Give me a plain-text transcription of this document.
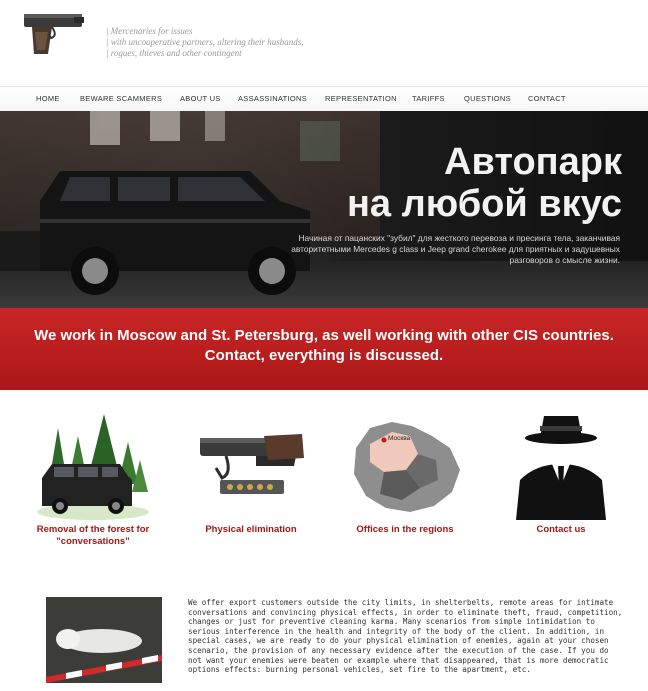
| Mercenaries for issues
| with uncooperative partners, altering their husbands,
| rogues, thieves and other contingent
HOME	BEWARE SCAMMERS ABOUT US ASSASSINATIONS REPRESENTATION TARIFFS	QUESTIONS CONTACT
Автопарк
на любой вкус
Начиная от пацанских "зубил" для жесткого перевоза и пресинга тела, заканчивая авторитетными Mercedes g class и Jeep grand cherokee для приятных и задушевных разговоров о смысле жизни.
We work in Moscow and St. Petersburg, as well working with other CIS countries. Contact, everything is discussed.
Removal of the forest for "conversations"
Physical elimination
Москва
Offices in the regions	Contact us
We offer export customers outside the city limits, in shelterbelts, remote areas for intimate conversations and convincing physical effects, in order to eliminate theft, fraud, competition, changes or just for preventive cleaning karma. Many scenarios from simple intimidation to serious interference in the health and integrity of the body of the client. In addition, in special cases, we are ready to do your physical elimination of enemies, again at your chosen scenario, the provision of any necessary evidence after the execution of the case. If you do not want your enemies were beaten or example where that disappeared, that is more democratic options effects: burning personal vehicles, set fire to the apartment, etc.
